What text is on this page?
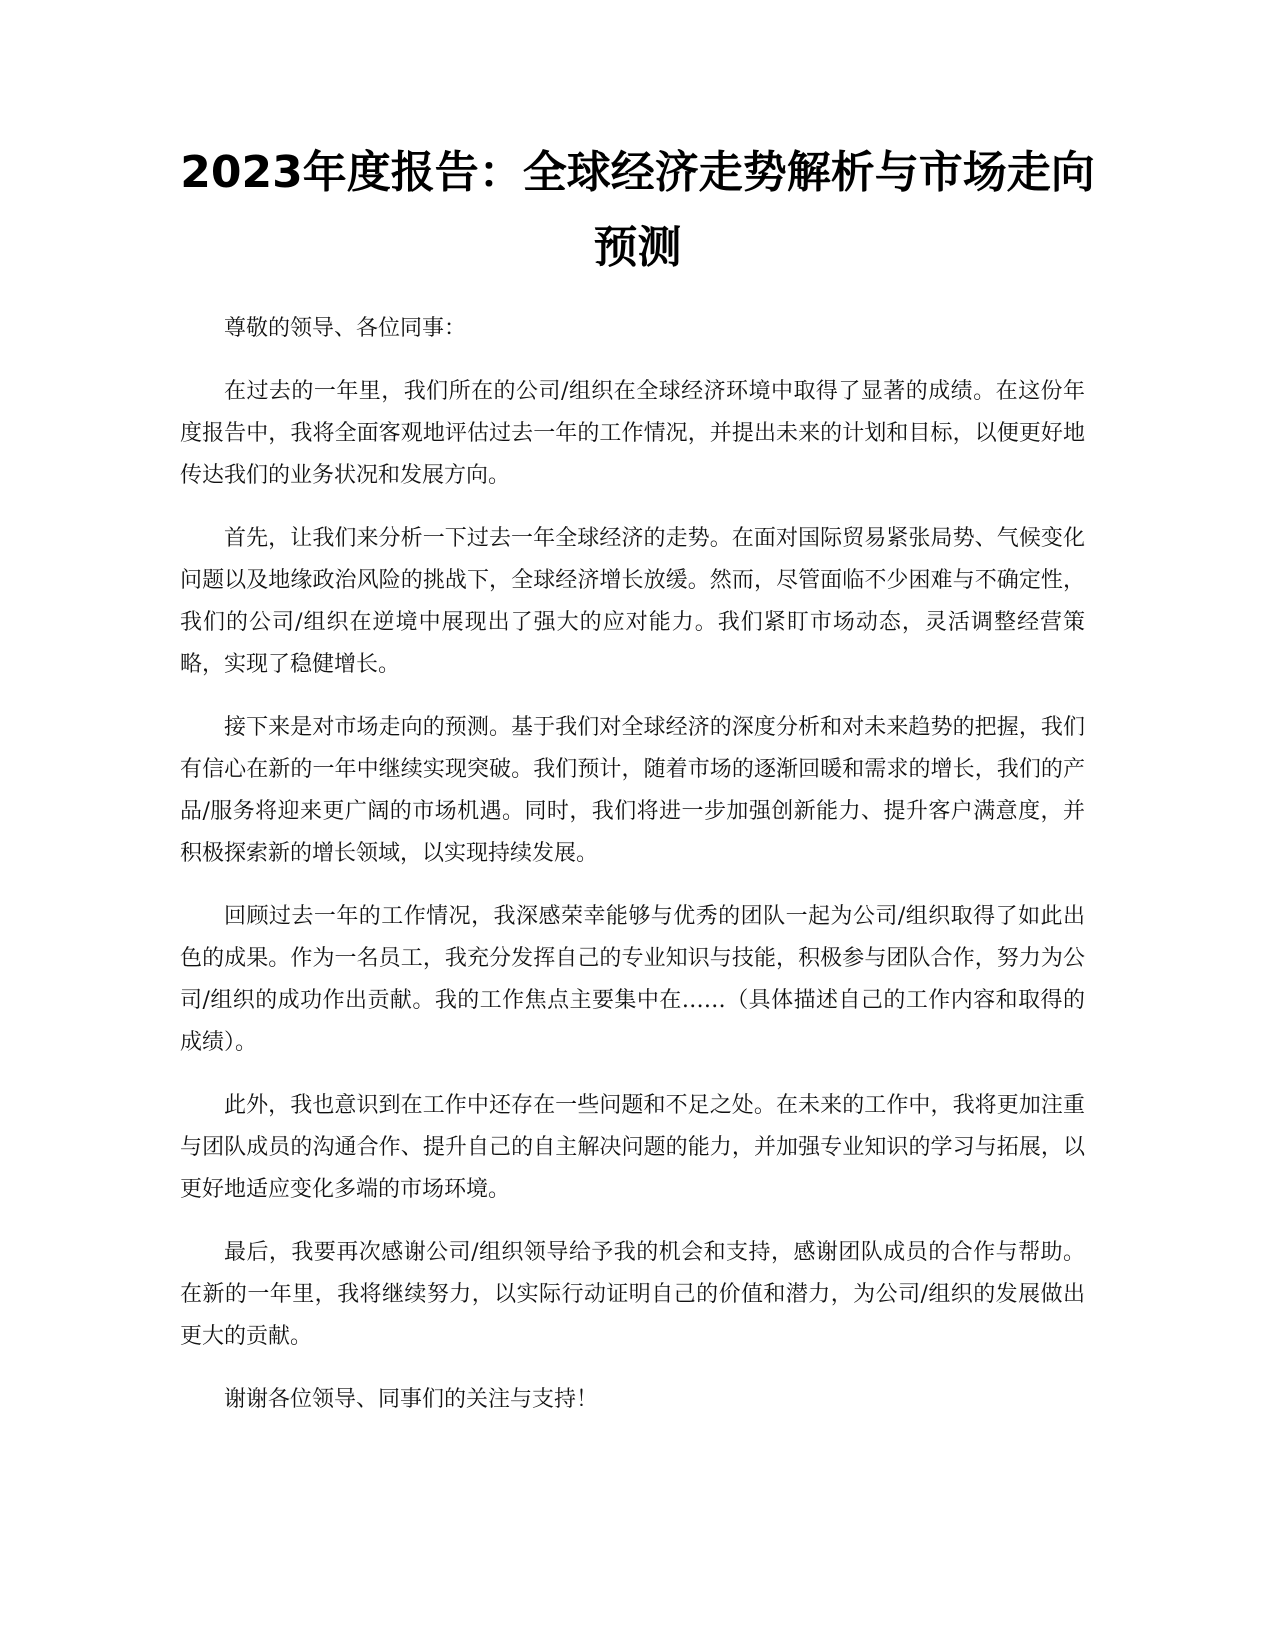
2023年度报告：全球经济走势解析与市场走向预测

尊敬的领导、各位同事：

在过去的一年里，我们所在的公司/组织在全球经济环境中取得了显著的成绩。在这份年度报告中，我将全面客观地评估过去一年的工作情况，并提出未来的计划和目标，以便更好地传达我们的业务状况和发展方向。

首先，让我们来分析一下过去一年全球经济的走势。在面对国际贸易紧张局势、气候变化问题以及地缘政治风险的挑战下，全球经济增长放缓。然而，尽管面临不少困难与不确定性，我们的公司/组织在逆境中展现出了强大的应对能力。我们紧盯市场动态，灵活调整经营策略，实现了稳健增长。

接下来是对市场走向的预测。基于我们对全球经济的深度分析和对未来趋势的把握，我们有信心在新的一年中继续实现突破。我们预计，随着市场的逐渐回暖和需求的增长，我们的产品/服务将迎来更广阔的市场机遇。同时，我们将进一步加强创新能力、提升客户满意度，并积极探索新的增长领域，以实现持续发展。

回顾过去一年的工作情况，我深感荣幸能够与优秀的团队一起为公司/组织取得了如此出色的成果。作为一名员工，我充分发挥自己的专业知识与技能，积极参与团队合作，努力为公司/组织的成功作出贡献。我的工作焦点主要集中在……（具体描述自己的工作内容和取得的成绩）。

此外，我也意识到在工作中还存在一些问题和不足之处。在未来的工作中，我将更加注重与团队成员的沟通合作、提升自己的自主解决问题的能力，并加强专业知识的学习与拓展，以更好地适应变化多端的市场环境。

最后，我要再次感谢公司/组织领导给予我的机会和支持，感谢团队成员的合作与帮助。在新的一年里，我将继续努力，以实际行动证明自己的价值和潜力，为公司/组织的发展做出更大的贡献。

谢谢各位领导、同事们的关注与支持！
